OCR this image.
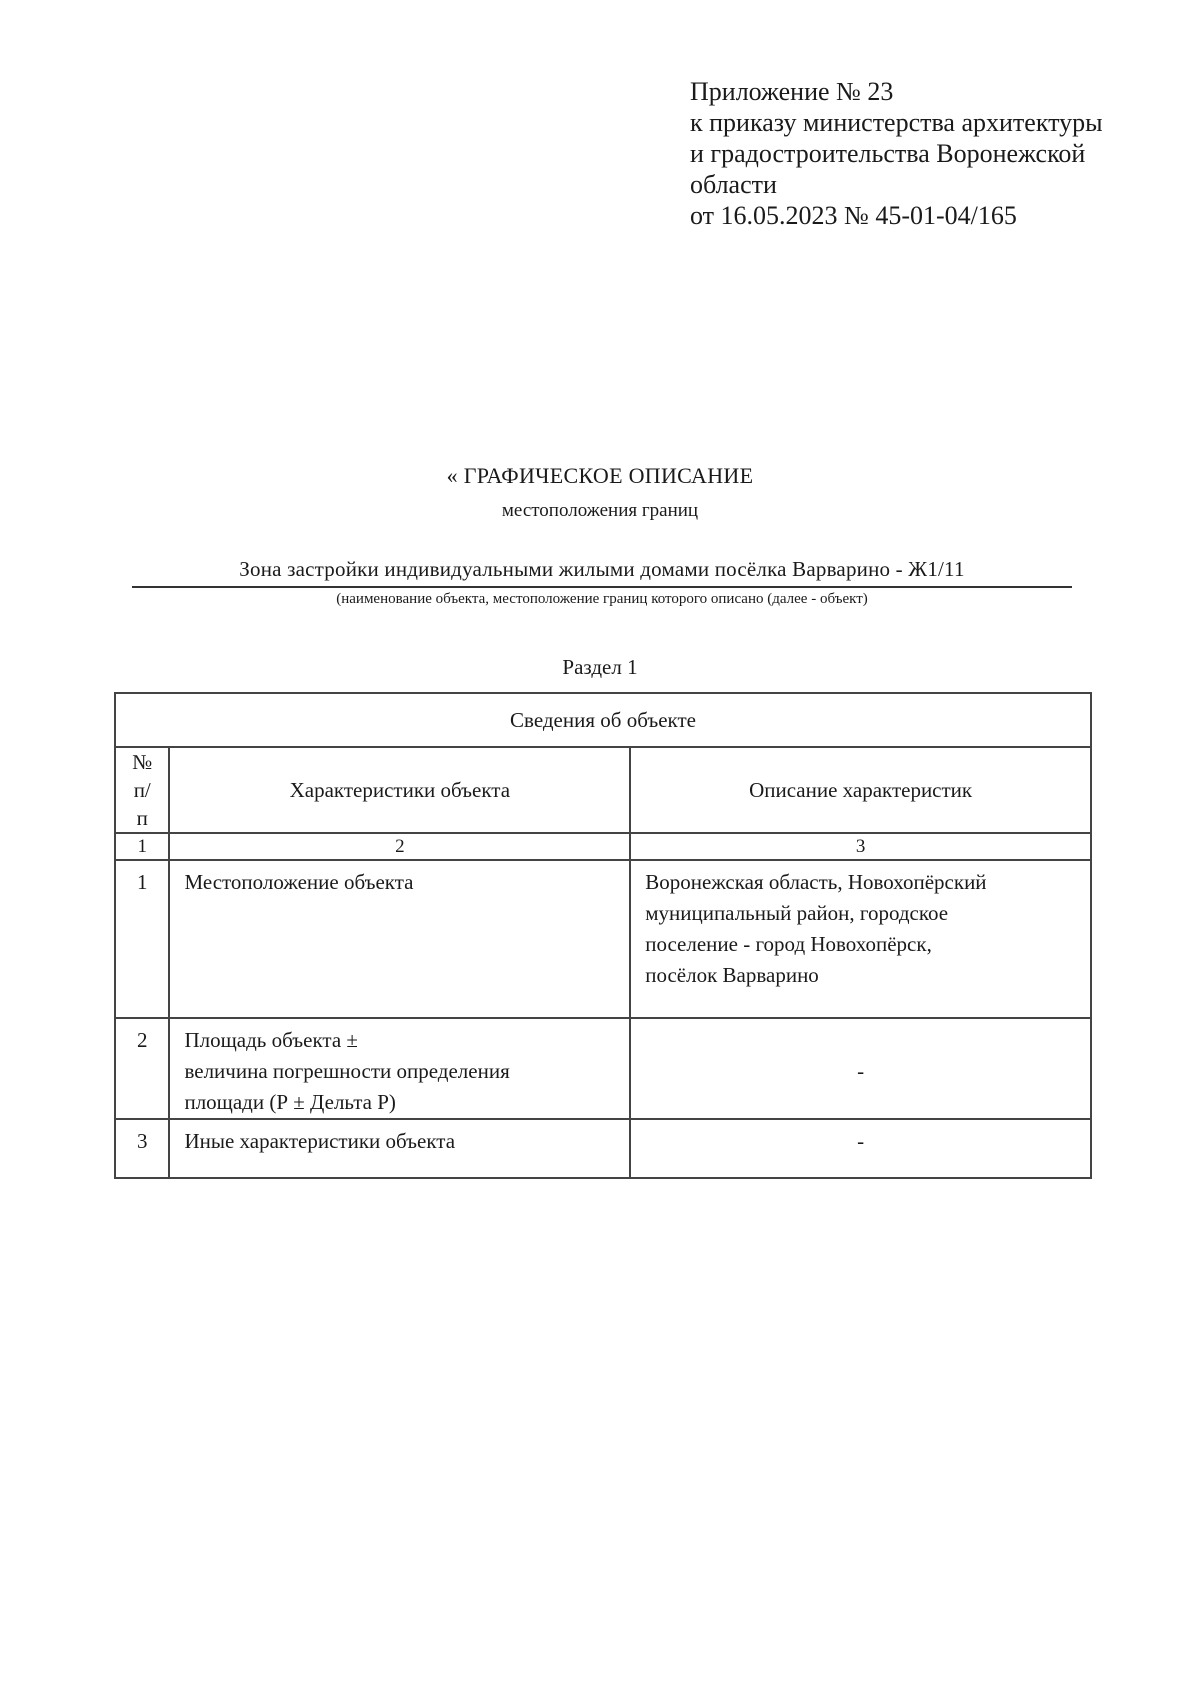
Приложение № 23
к приказу министерства архитектуры
и градостроительства Воронежской
области
от 16.05.2023 № 45-01-04/165
« ГРАФИЧЕСКОЕ ОПИСАНИЕ
местоположения границ
Зона застройки индивидуальными жилыми домами посёлка Варварино - Ж1/11
(наименование объекта, местоположение границ которого описано (далее - объект)
Раздел 1
Сведения об объекте		

№
п/п	Характеристики объекта	Описание характеристик
1	2	3
1	Местоположение объекта	Воронежская область, Новохопёрский
муниципальный район, городское
поселение - город Новохопёрск,
посёлок Варварино

2	Площадь объекта ±
величина погрешности определения
площади (Р ± Дельта Р)	-

3	Иные характеристики объекта	-
